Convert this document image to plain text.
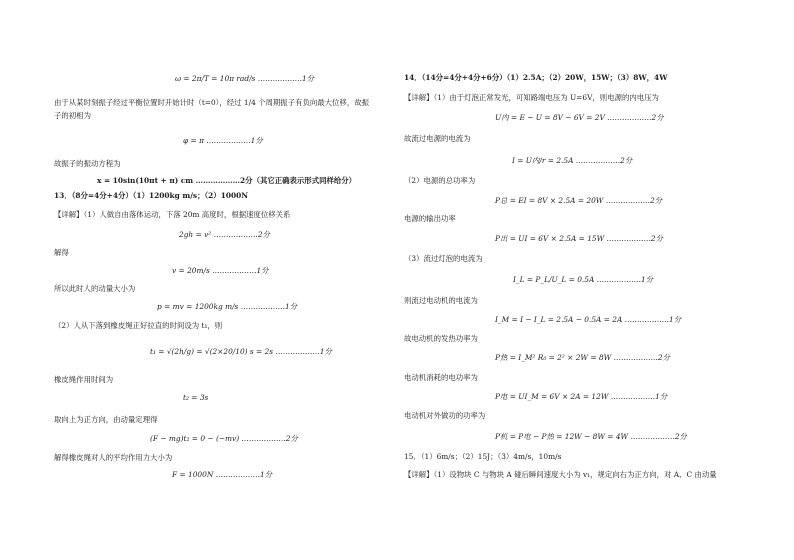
ω = 2π/T = 10π rad/s ………………1分
由于从某时刻振子经过平衡位置时开始计时（t=0），经过 1/4 个周期振子有负向最大位移，故振
子的初相为
φ = π ………………1分
故振子的振动方程为
x = 10sin(10πt + π) cm ………………2分（其它正确表示形式同样给分）
13．（8分=4分+4分）（1）1200kg m/s；（2）1000N
【详解】（1）人做自由落体运动，下落 20m 高度时，根据速度位移关系
2gh = v² ………………2分
解得
v = 20m/s ………………1分
所以此时人的动量大小为
p = mv = 1200kg m/s ………………1分
（2）人从下落到橡皮绳正好拉直的时间设为 t₁，则
t₁ = √(2h/g) = √(2×20/10) s = 2s ………………1分
橡皮绳作用时间为
t₂ = 3s
取向上为正方向，由动量定理得
(F − mg)t₂ = 0 − (−mv) ………………2分
解得橡皮绳对人的平均作用力大小为
F = 1000N ………………1分
14．（14分=4分+4分+6分）（1）2.5A；（2）20W，15W；（3）8W，4W
【详解】（1）由于灯泡正常发光，可知路端电压为 U=6V，则电源的内电压为
U内 = E − U = 8V − 6V = 2V ………………2分
故流过电源的电流为
I = U内/r = 2.5A ………………2分
（2）电源的总功率为
P总 = EI = 8V × 2.5A = 20W ………………2分
电源的输出功率
P出 = UI = 6V × 2.5A = 15W ………………2分
（3）流过灯泡的电流为
I_L = P_L/U_L = 0.5A ………………1分
则流过电动机的电流为
I_M = I − I_L = 2.5A − 0.5A = 2A ………………1分
故电动机的发热功率为
P热 = I_M² R₀ = 2² × 2W = 8W ………………2分
电动机消耗的电功率为
P电 = UI_M = 6V × 2A = 12W ………………1分
电动机对外做功的功率为
P机 = P电 − P热 = 12W − 8W = 4W ………………2分
15．（1）6m/s；（2）15J；（3）4m/s，10m/s
【详解】（1）设物块 C 与物块 A 碰后瞬间速度大小为 v₁，规定向右为正方向，对 A、C 由动量
